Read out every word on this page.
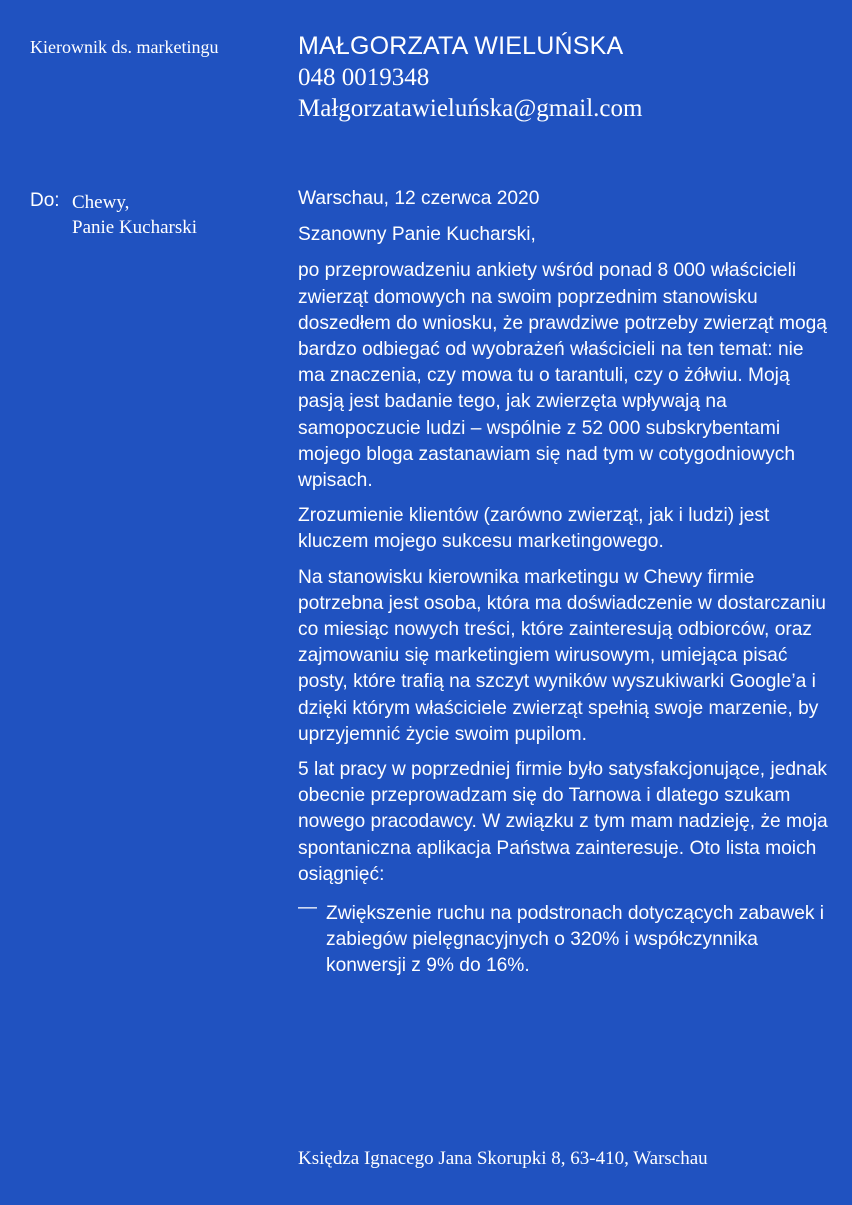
Kierownik ds. marketingu	MAŁGORZATA WIELUŃSKA
048 0019348
Małgorzatawieluńska@gmail.com
Do: Chewy,
Panie Kucharski

Warschau, 12 czerwca 2020

Szanowny Panie Kucharski,

po przeprowadzeniu ankiety wśród ponad 8 000 właścicieli zwierząt domowych na swoim poprzednim stanowisku doszedłem do wniosku, że prawdziwe potrzeby zwierząt mogą bardzo odbiegać od wyobrażeń właścicieli na ten temat: nie ma znaczenia, czy mowa tu o tarantuli, czy o żółwiu. Moją pasją jest badanie tego, jak zwierzęta wpływają na samopoczucie ludzi – wspólnie z 52 000 subskrybentami mojego bloga zastanawiam się nad tym w cotygodniowych wpisach.

Zrozumienie klientów (zarówno zwierząt, jak i ludzi) jest kluczem mojego sukcesu marketingowego.

Na stanowisku kierownika marketingu w Chewy firmie potrzebna jest osoba, która ma doświadczenie w dostarczaniu co miesiąc nowych treści, które zainteresują odbiorców, oraz zajmowaniu się marketingiem wirusowym, umiejąca pisać posty, które trafią na szczyt wyników wyszukiwarki Google’a i dzięki którym właściciele zwierząt spełnią swoje marzenie, by uprzyjemnić życie swoim pupilom.

5 lat pracy w poprzedniej firmie było satysfakcjonujące, jednak obecnie przeprowadzam się do Tarnowa i dlatego szukam nowego pracodawcy. W związku z tym mam nadzieję, że moja spontaniczna aplikacja Państwa zainteresuje. Oto lista moich osiągnięć:

— Zwiększenie ruchu na podstronach dotyczących zabawek i zabiegów pielęgnacyjnych o 320% i współczynnika konwersji z 9% do 16%.
Księdza Ignacego Jana Skorupki 8, 63-410, Warschau
